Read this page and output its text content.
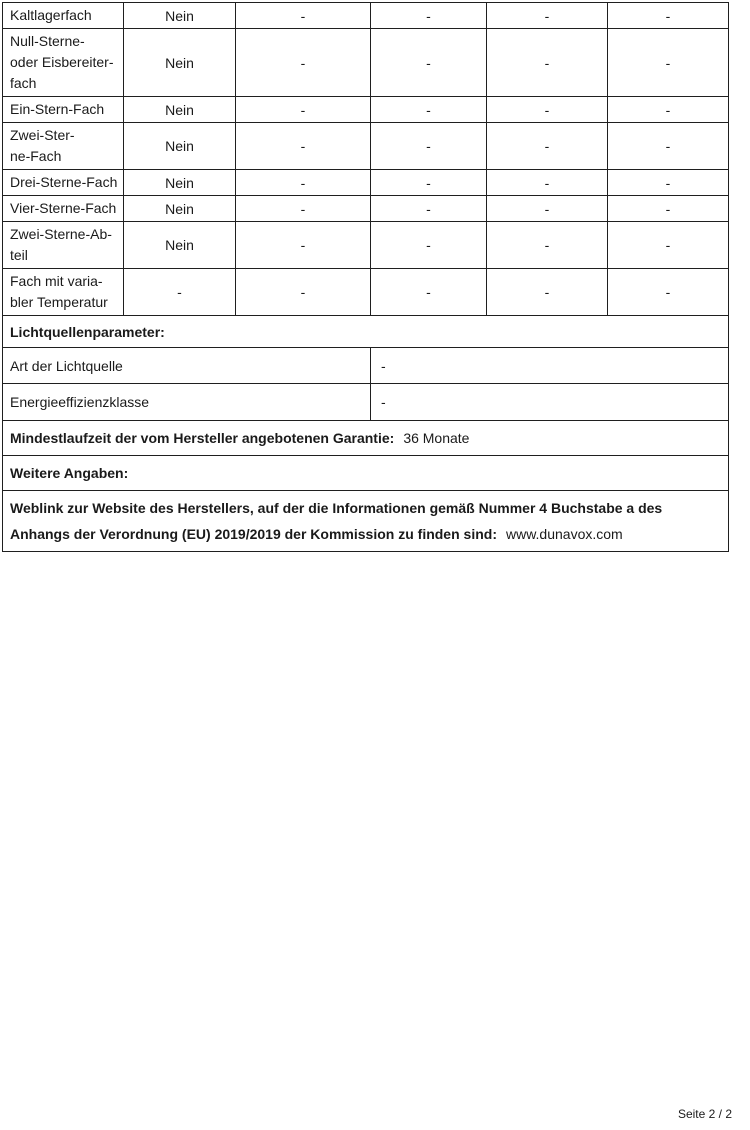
Kaltlagerfach	Nein	-	-	-	-

Null-Sterne-
oder Eisbereiter-
fach	Nein	-	-	-	-

Ein-Stern-Fach	Nein	-	-	-	-

Zwei-Ster-
ne-Fach	Nein	-	-	-	-

Drei-Sterne-Fach	Nein	-	-	-	-

Vier-Sterne-Fach	Nein	-	-	-	-

Zwei-Sterne-Ab-
teil	Nein	-	-	-	-

Fach mit varia-
bler Temperatur	-	-	-	-	-
Lichtquellenparameter:					
Art der Lichtquelle			-		
Energieeffizienzklasse			-		
Mindestlaufzeit der vom Hersteller angebotenen Garantie: 36 Monate					
Weitere Angaben:					
Weblink zur Website des Herstellers, auf der die Informationen gemäß Nummer 4 Buchstabe a des Anhangs der Verordnung (EU) 2019/2019 der Kommission zu finden sind: www.dunavox.com					
Seite 2 / 2
